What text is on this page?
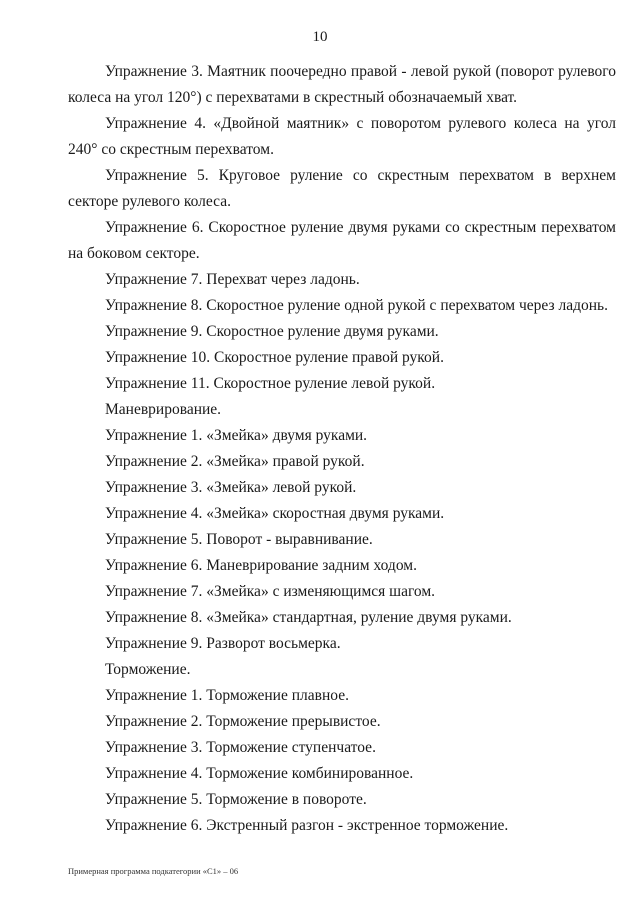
10

Упражнение 3. Маятник поочередно правой - левой рукой (поворот рулевого колеса на угол 120°) с перехватами в скрестный обозначаемый хват.

Упражнение 4. «Двойной маятник» с поворотом рулевого колеса на угол 240° со скрестным перехватом.

Упражнение 5. Круговое руление со скрестным перехватом в верхнем секторе рулевого колеса.

Упражнение 6. Скоростное руление двумя руками со скрестным перехватом на боковом секторе.

Упражнение 7. Перехват через ладонь.

Упражнение 8. Скоростное руление одной рукой с перехватом через ладонь.

Упражнение 9. Скоростное руление двумя руками.

Упражнение 10. Скоростное руление правой рукой.

Упражнение 11. Скоростное руление левой рукой.

Маневрирование.

Упражнение 1. «Змейка» двумя руками.

Упражнение 2. «Змейка» правой рукой.

Упражнение 3. «Змейка» левой рукой.

Упражнение 4. «Змейка» скоростная двумя руками.

Упражнение 5. Поворот - выравнивание.

Упражнение 6. Маневрирование задним ходом.

Упражнение 7. «Змейка» с изменяющимся шагом.

Упражнение 8. «Змейка» стандартная, руление двумя руками.

Упражнение 9. Разворот восьмерка.

Торможение.

Упражнение 1. Торможение плавное.

Упражнение 2. Торможение прерывистое.

Упражнение 3. Торможение ступенчатое.

Упражнение 4. Торможение комбинированное.

Упражнение 5. Торможение в повороте.

Упражнение 6. Экстренный разгон - экстренное торможение.

Примерная программа подкатегории «С1» – 06
